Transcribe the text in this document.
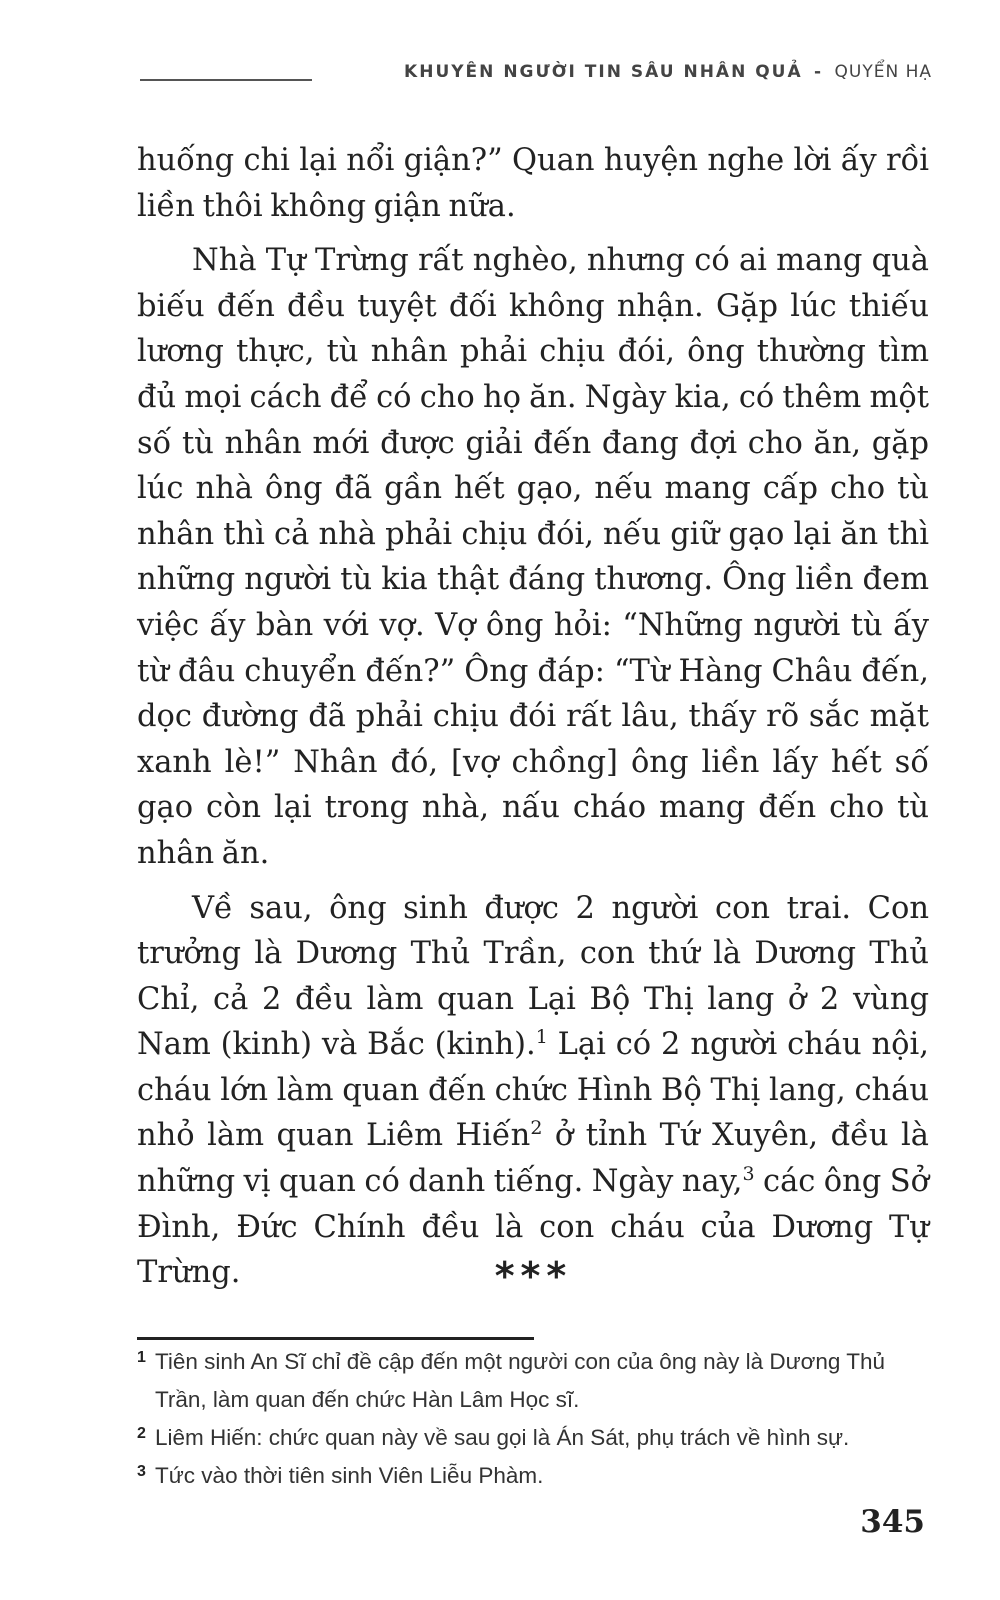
KHUYÊN NGƯỜI TIN SÂU NHÂN QUẢ - QUYỂN HẠ

huống chi lại nổi giận?” Quan huyện nghe lời ấy rồi liền thôi không giận nữa.

Nhà Tự Trừng rất nghèo, nhưng có ai mang quà biếu đến đều tuyệt đối không nhận. Gặp lúc thiếu lương thực, tù nhân phải chịu đói, ông thường tìm đủ mọi cách để có cho họ ăn. Ngày kia, có thêm một số tù nhân mới được giải đến đang đợi cho ăn, gặp lúc nhà ông đã gần hết gạo, nếu mang cấp cho tù nhân thì cả nhà phải chịu đói, nếu giữ gạo lại ăn thì những người tù kia thật đáng thương. Ông liền đem việc ấy bàn với vợ. Vợ ông hỏi: “Những người tù ấy từ đâu chuyển đến?” Ông đáp: “Từ Hàng Châu đến, dọc đường đã phải chịu đói rất lâu, thấy rõ sắc mặt xanh lè!” Nhân đó, [vợ chồng] ông liền lấy hết số gạo còn lại trong nhà, nấu cháo mang đến cho tù nhân ăn.

Về sau, ông sinh được 2 người con trai. Con trưởng là Dương Thủ Trần, con thứ là Dương Thủ Chỉ, cả 2 đều làm quan Lại Bộ Thị lang ở 2 vùng Nam (kinh) và Bắc (kinh).$^1$ Lại có 2 người cháu nội, cháu lớn làm quan đến chức Hình Bộ Thị lang, cháu nhỏ làm quan Liêm Hiến$^2$ ở tỉnh Tứ Xuyên, đều là những vị quan có danh tiếng. Ngày nay,$^3$ các ông Sở Đình, Đức Chính đều là con cháu của Dương Tự Trừng.	***
1 Tiên sinh An Sĩ chỉ đề cập đến một người con của ông này là Dương Thủ Trần, làm quan đến chức Hàn Lâm Học sĩ.
2 Liêm Hiến: chức quan này về sau gọi là Án Sát, phụ trách về hình sự.
3 Tức vào thời tiên sinh Viên Liễu Phàm.
345
